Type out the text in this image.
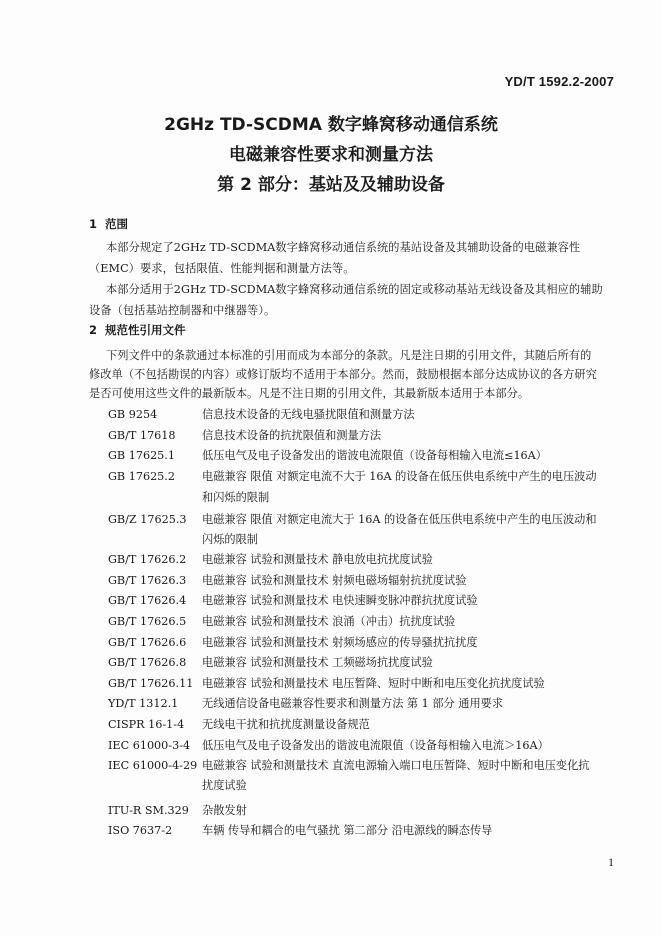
YD/T 1592.2-2007
2GHz TD-SCDMA 数字蜂窝移动通信系统
电磁兼容性要求和测量方法
第 2 部分：基站及及辅助设备
1 范围
本部分规定了2GHz TD-SCDMA数字蜂窝移动通信系统的基站设备及其辅助设备的电磁兼容性
（EMC）要求，包括限值、性能判据和测量方法等。
本部分适用于2GHz TD-SCDMA数字蜂窝移动通信系统的固定或移动基站无线设备及其相应的辅助
设备（包括基站控制器和中继器等）。
2 规范性引用文件
下列文件中的条款通过本标准的引用而成为本部分的条款。凡是注日期的引用文件，其随后所有的
修改单（不包括勘误的内容）或修订版均不适用于本部分。然而，鼓励根据本部分达成协议的各方研究
是否可使用这些文件的最新版本。凡是不注日期的引用文件，其最新版本适用于本部分。
GB 9254	信息技术设备的无线电骚扰限值和测量方法
GB/T 17618	信息技术设备的抗扰限值和测量方法
GB 17625.1	低压电气及电子设备发出的谐波电流限值（设备每相输入电流≤16A）
GB 17625.2	电磁兼容 限值 对额定电流不大于 16A 的设备在低压供电系统中产生的电压波动
和闪烁的限制
GB/Z 17625.3	电磁兼容 限值 对额定电流大于 16A 的设备在低压供电系统中产生的电压波动和
闪烁的限制
GB/T 17626.2	电磁兼容 试验和测量技术 静电放电抗扰度试验
GB/T 17626.3	电磁兼容 试验和测量技术 射频电磁场辐射抗扰度试验
GB/T 17626.4	电磁兼容 试验和测量技术 电快速瞬变脉冲群抗扰度试验
GB/T 17626.5	电磁兼容 试验和测量技术 浪涌（冲击）抗扰度试验
GB/T 17626.6	电磁兼容 试验和测量技术 射频场感应的传导骚扰抗扰度
GB/T 17626.8	电磁兼容 试验和测量技术 工频磁场抗扰度试验
GB/T 17626.11 电磁兼容 试验和测量技术 电压暂降、短时中断和电压变化抗扰度试验
YD/T 1312.1	无线通信设备电磁兼容性要求和测量方法 第 1 部分 通用要求
CISPR 16-1-4	无线电干扰和抗扰度测量设备规范
IEC 61000-3-4	低压电气及电子设备发出的谐波电流限值（设备每相输入电流＞16A）
IEC 61000-4-29 电磁兼容 试验和测量技术 直流电源输入端口电压暂降、短时中断和电压变化抗
扰度试验
ITU-R SM.329	杂散发射
ISO 7637-2	车辆 传导和耦合的电气骚扰 第二部分 沿电源线的瞬态传导
1
